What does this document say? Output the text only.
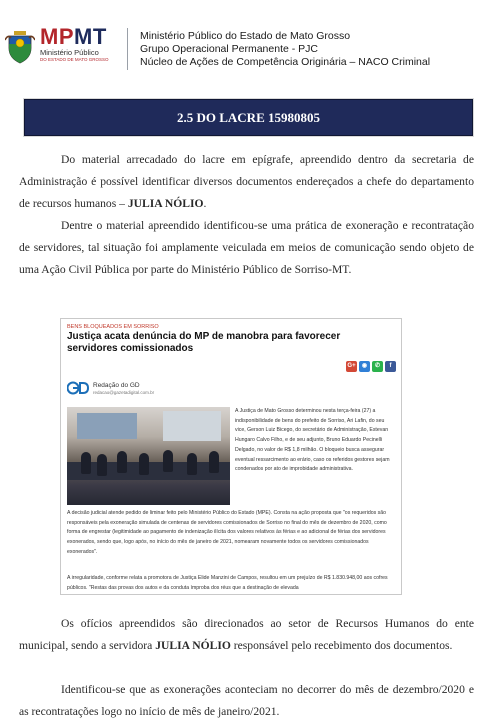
MPMT
Ministério Público
DO ESTADO DE MATO GROSSO
Ministério Público do Estado de Mato Grosso
Grupo Operacional Permanente - PJC
Núcleo de Ações de Competência Originária – NACO Criminal
2.5 DO LACRE 15980805
Do material arrecadado do lacre em epígrafe, apreendido dentro da secretaria de Administração é possível identificar diversos documentos endereçados a chefe do departamento de recursos humanos – JULIA NÓLIO.
Dentre o material apreendido identificou-se uma prática de exoneração e recontratação de servidores, tal situação foi amplamente veiculada em meios de comunicação sendo objeto de uma Ação Civil Pública por parte do Ministério Público de Sorriso-MT.
BENS BLOQUEADOS EM SORRISO
Justiça acata denúncia do MP de manobra para favorecer servidores comissionados
G+	◉	✆	f
Redação do GD
redacao@gazetadigital.com.br
A Justiça de Mato Grosso determinou nesta terça-feira (27) a indisponibilidade de bens do prefeito de Sorriso, Ari Lafin, do seu vice, Gerson Luiz Bicego, do secretário de Administração, Estevan Hungaro Calvo Filho, e de seu adjunto, Bruno Eduardo Pecinelli Delgado, no valor de R$ 1,8 milhão. O bloqueio busca assegurar eventual ressarcimento ao erário, caso os referidos gestores sejam condenados por ato de improbidade administrativa.
A decisão judicial atende pedido de liminar feito pelo Ministério Público do Estado (MPE). Consta na ação proposta que "os requeridos são responsáveis pela exoneração simulada de centenas de servidores comissionados de Sorriso no final do mês de dezembro de 2020, como forma de engrestar (legitimidade ao pagamento de indenização ilícita dos valores relativos às férias e ao adicional de férias dos servidores exonerados, sendo que, logo após, no início do mês de janeiro de 2021, nomearam novamente todos os servidores comissionados exonerados".
A irregularidade, conforme relata a promotora de Justiça Elide Manzini de Campos, resultou em um prejuízo de R$ 1.830.948,00 aos cofres públicos. "Restas das provas dos autos e da conduta ímproba dos réus que a destinação de elevada
Os ofícios apreendidos são direcionados ao setor de Recursos Humanos do ente municipal, sendo a servidora JULIA NÓLIO responsável pelo recebimento dos documentos.
Identificou-se que as exonerações aconteciam no decorrer do mês de dezembro/2020 e as recontratações logo no início de mês de janeiro/2021.
